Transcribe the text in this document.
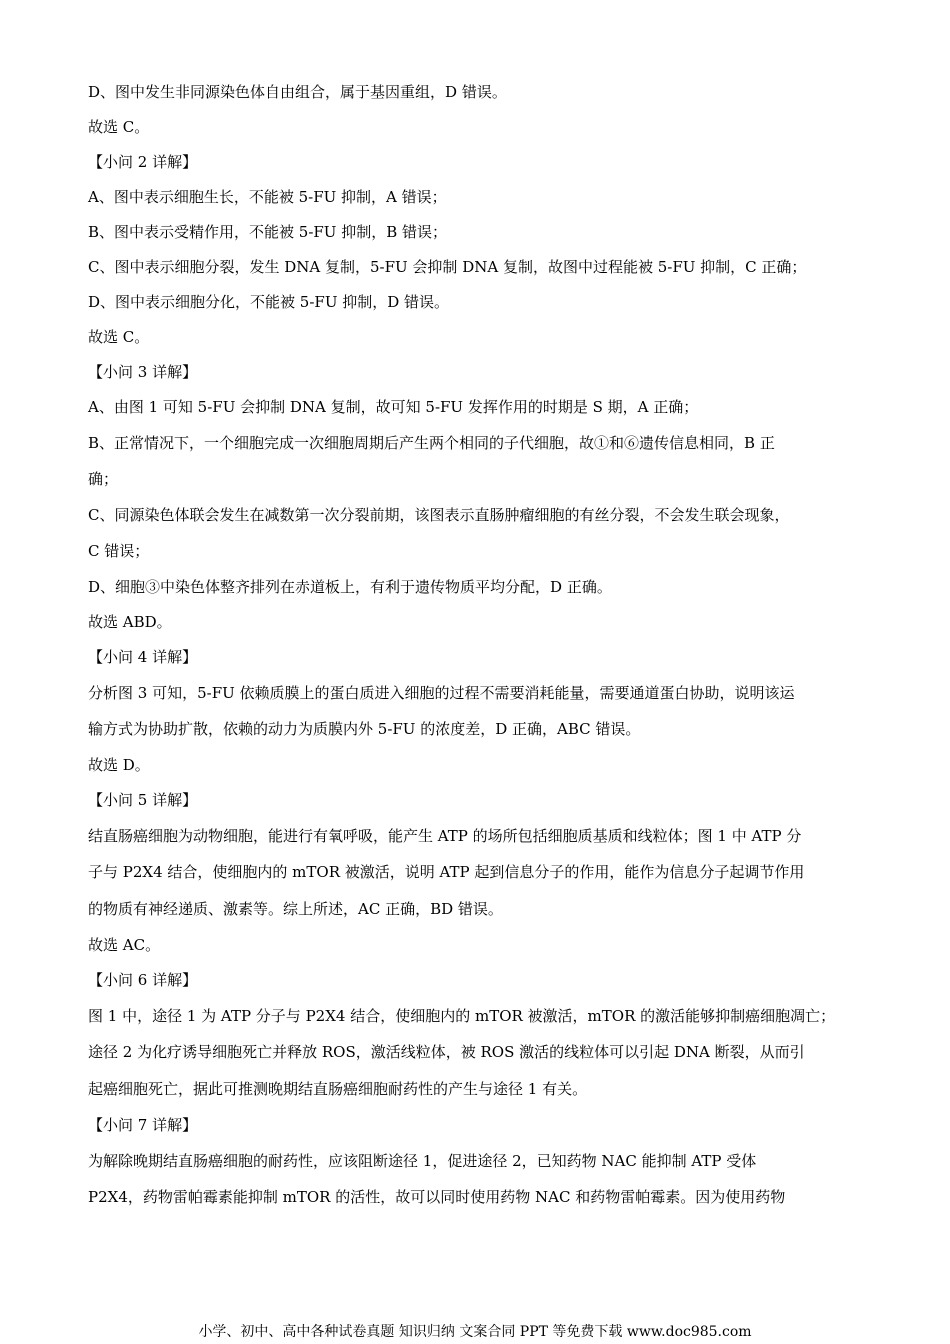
D、图中发生非同源染色体自由组合，属于基因重组，D 错误。
故选 C。
【小问 2 详解】
A、图中表示细胞生长，不能被 5-FU 抑制，A 错误；
B、图中表示受精作用，不能被 5-FU 抑制，B 错误；
C、图中表示细胞分裂，发生 DNA 复制，5-FU 会抑制 DNA 复制，故图中过程能被 5-FU 抑制，C 正确；
D、图中表示细胞分化，不能被 5-FU 抑制，D 错误。
故选 C。
【小问 3 详解】
A、由图 1 可知 5-FU 会抑制 DNA 复制，故可知 5-FU 发挥作用的时期是 S 期，A 正确；
B、正常情况下，一个细胞完成一次细胞周期后产生两个相同的子代细胞，故①和⑥遗传信息相同，B 正
确；
C、同源染色体联会发生在减数第一次分裂前期，该图表示直肠肿瘤细胞的有丝分裂，不会发生联会现象，
C 错误；
D、细胞③中染色体整齐排列在赤道板上，有利于遗传物质平均分配，D 正确。
故选 ABD。
【小问 4 详解】
分析图 3 可知，5-FU 依赖质膜上的蛋白质进入细胞的过程不需要消耗能量，需要通道蛋白协助，说明该运
输方式为协助扩散，依赖的动力为质膜内外 5-FU 的浓度差，D 正确，ABC 错误。
故选 D。
【小问 5 详解】
结直肠癌细胞为动物细胞，能进行有氧呼吸，能产生 ATP 的场所包括细胞质基质和线粒体；图 1 中 ATP 分
子与 P2X4 结合，使细胞内的 mTOR 被激活，说明 ATP 起到信息分子的作用，能作为信息分子起调节作用
的物质有神经递质、激素等。综上所述，AC 正确，BD 错误。
故选 AC。
【小问 6 详解】
图 1 中，途径 1 为 ATP 分子与 P2X4 结合，使细胞内的 mTOR 被激活，mTOR 的激活能够抑制癌细胞凋亡；
途径 2 为化疗诱导细胞死亡并释放 ROS，激活线粒体，被 ROS 激活的线粒体可以引起 DNA 断裂，从而引
起癌细胞死亡，据此可推测晚期结直肠癌细胞耐药性的产生与途径 1 有关。
【小问 7 详解】
为解除晚期结直肠癌细胞的耐药性，应该阻断途径 1，促进途径 2，已知药物 NAC 能抑制 ATP 受体
P2X4，药物雷帕霉素能抑制 mTOR 的活性，故可以同时使用药物 NAC 和药物雷帕霉素。因为使用药物
小学、初中、高中各种试卷真题 知识归纳 文案合同 PPT 等免费下载 www.doc985.com
